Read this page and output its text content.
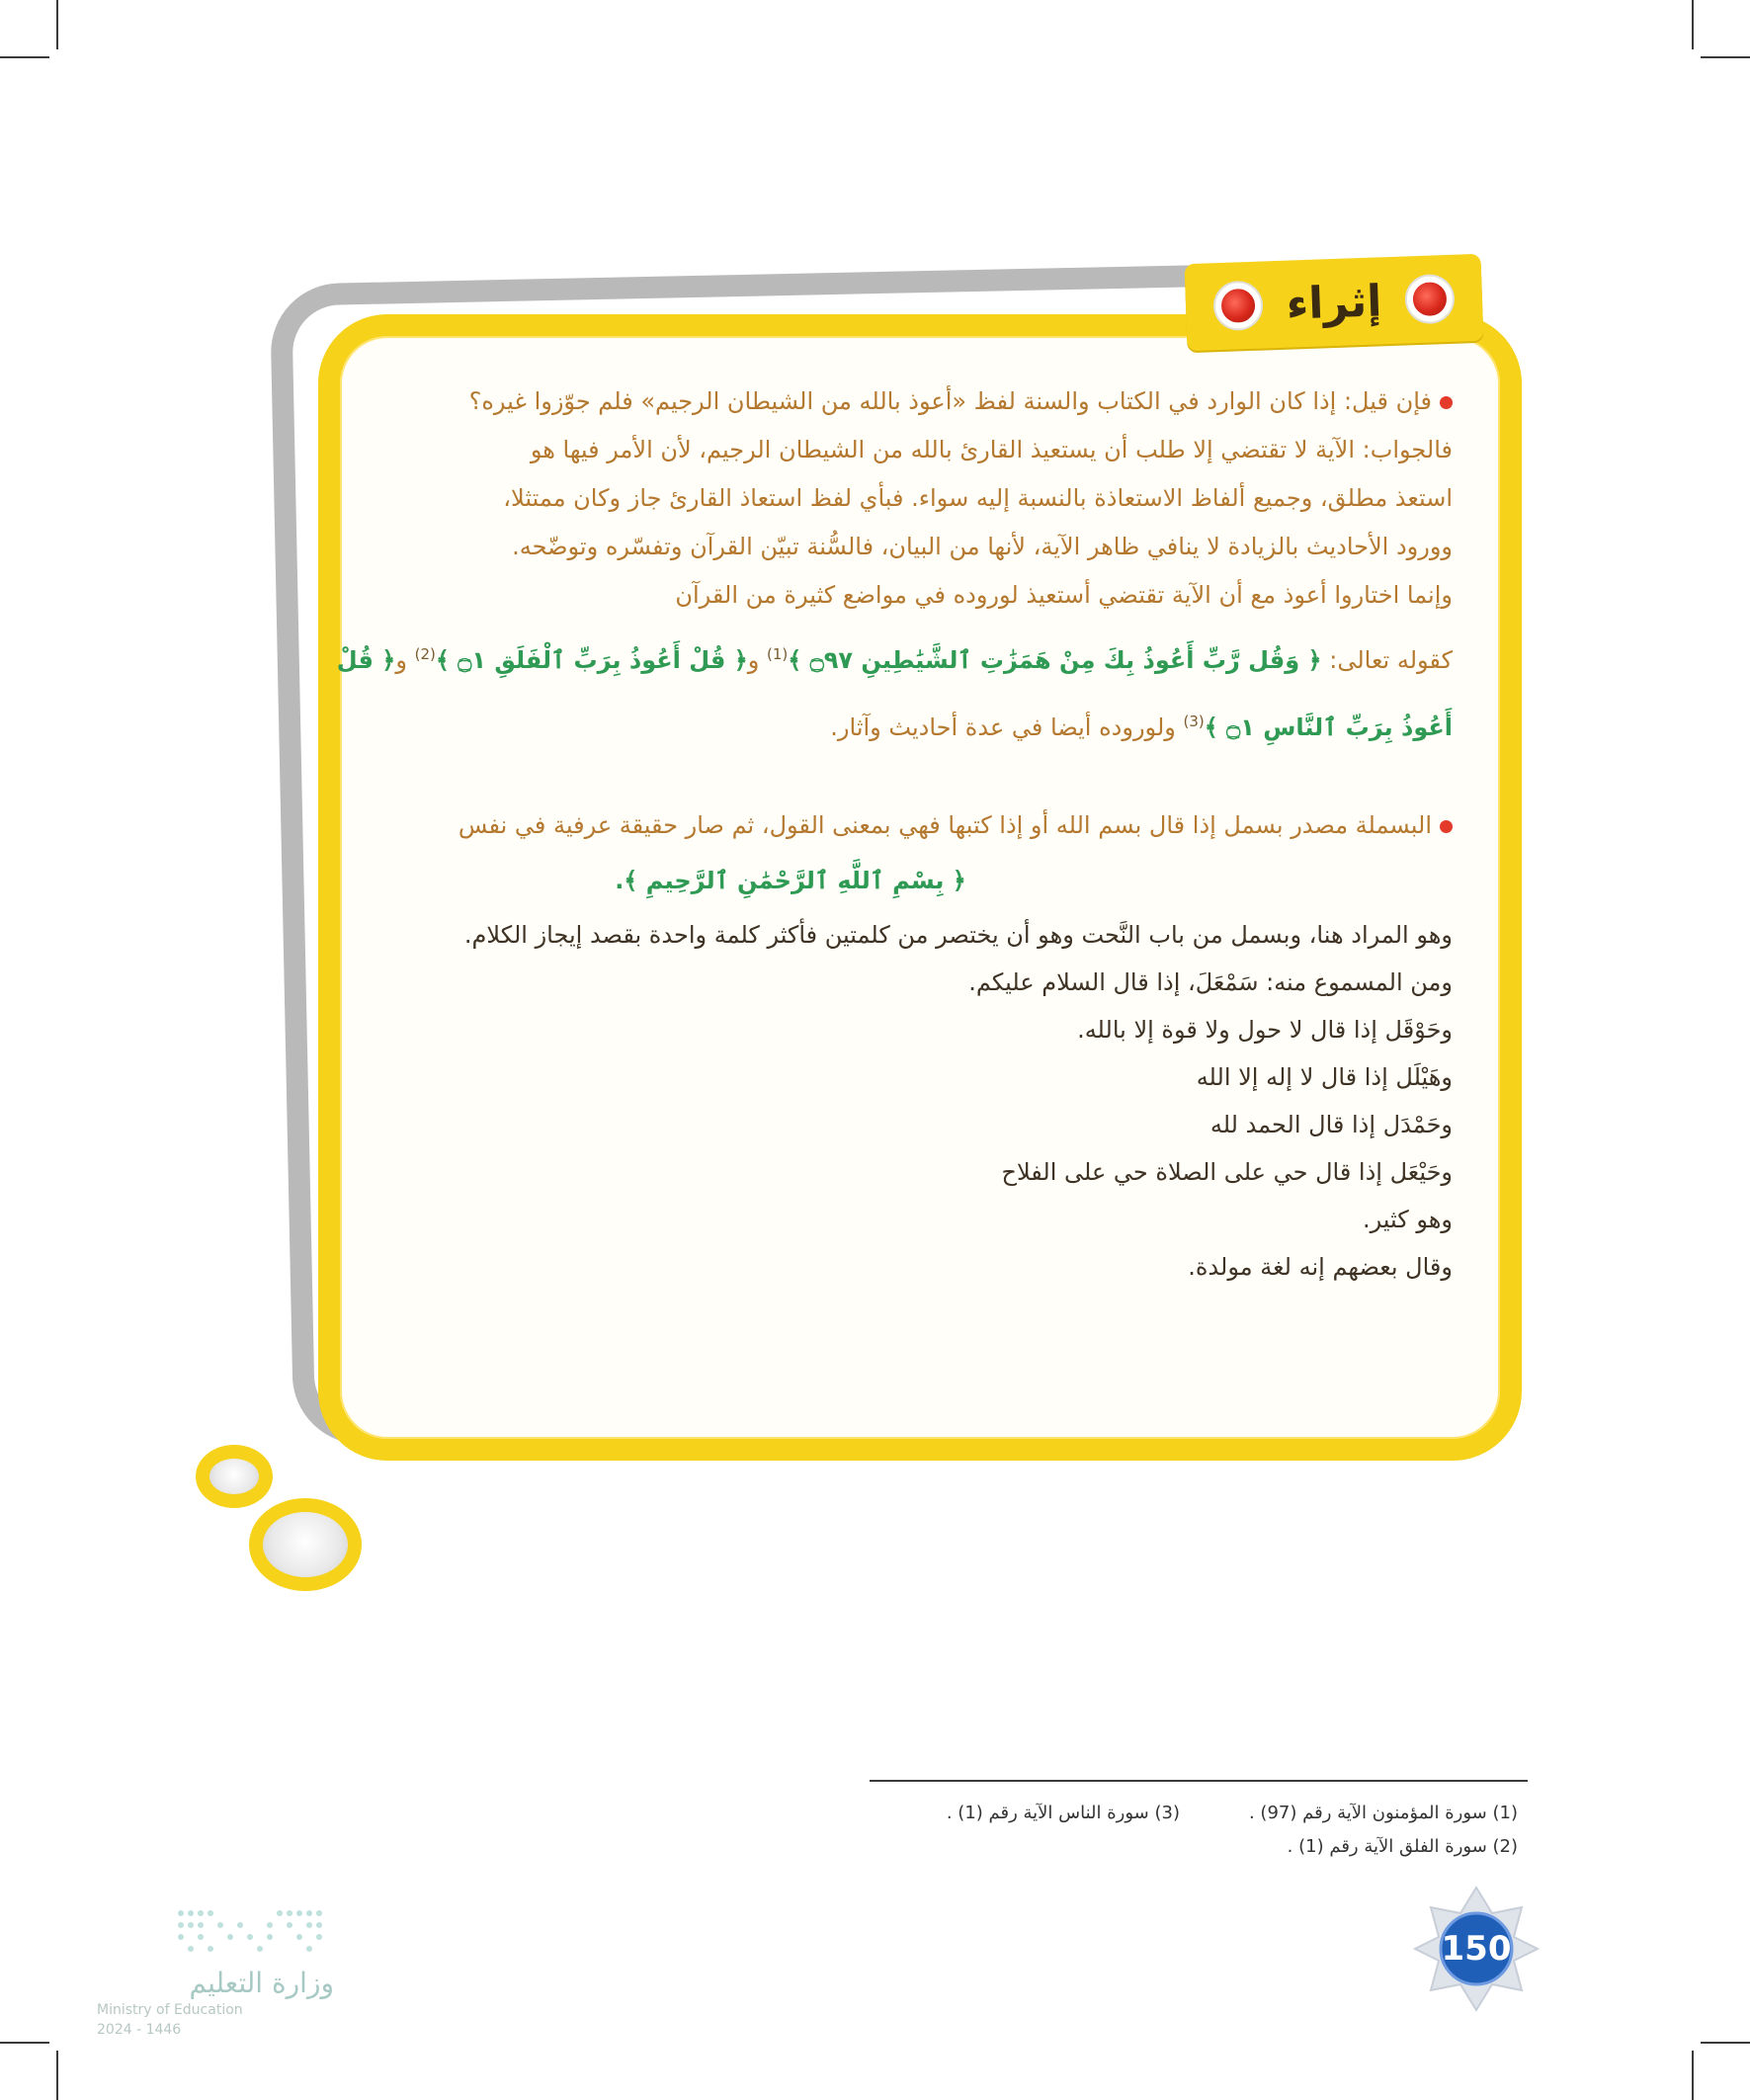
إثراء
فإن قيل: إذا كان الوارد في الكتاب والسنة لفظ «أعوذ بالله من الشيطان الرجيم» فلم جوّزوا غيره؟
فالجواب: الآية لا تقتضي إلا طلب أن يستعيذ القارئ بالله من الشيطان الرجيم، لأن الأمر فيها هو
استعذ مطلق، وجميع ألفاظ الاستعاذة بالنسبة إليه سواء. فبأي لفظ استعاذ القارئ جاز وكان ممتثلا،
وورود الأحاديث بالزيادة لا ينافي ظاهر الآية، لأنها من البيان، فالسُّنة تبيّن القرآن وتفسّره وتوضّحه.
وإنما اختاروا أعوذ مع أن الآية تقتضي أستعيذ لوروده في مواضع كثيرة من القرآن
كقوله تعالى: ﴿ وَقُل رَّبِّ أَعُوذُ بِكَ مِنْ هَمَزَٰتِ ٱلشَّيَٰطِينِ ۝٩٧ ﴾$^{(1)}$ و﴿ قُلْ أَعُوذُ بِرَبِّ ٱلْفَلَقِ ۝١ ﴾$^{(2)}$ و﴿ قُلْ
أَعُوذُ بِرَبِّ ٱلنَّاسِ ۝١ ﴾$^{(3)}$ ولوروده أيضا في عدة أحاديث وآثار.
البسملة مصدر بسمل إذا قال بسم الله أو إذا كتبها فهي بمعنى القول، ثم صار حقيقة عرفية في نفس
﴿ بِسْمِ ٱللَّهِ ٱلرَّحْمَٰنِ ٱلرَّحِيمِ ﴾.
وهو المراد هنا، وبسمل من باب النَّحت وهو أن يختصر من كلمتين فأكثر كلمة واحدة بقصد إيجاز الكلام.
ومن المسموع منه: سَمْعَلَ، إذا قال السلام عليكم.
وحَوْقَل إذا قال لا حول ولا قوة إلا بالله.
وهَيْلَل إذا قال لا إله إلا الله
وحَمْدَل إذا قال الحمد لله
وحَيْعَل إذا قال حي على الصلاة حي على الفلاح
وهو كثير.
وقال بعضهم إنه لغة مولدة.
(1) سورة المؤمنون الآية رقم (97) .
(3) سورة الناس الآية رقم (1) .
(2) سورة الفلق الآية رقم (1) .
150
وزارة التعليم
Ministry of Education
2024 - 1446
